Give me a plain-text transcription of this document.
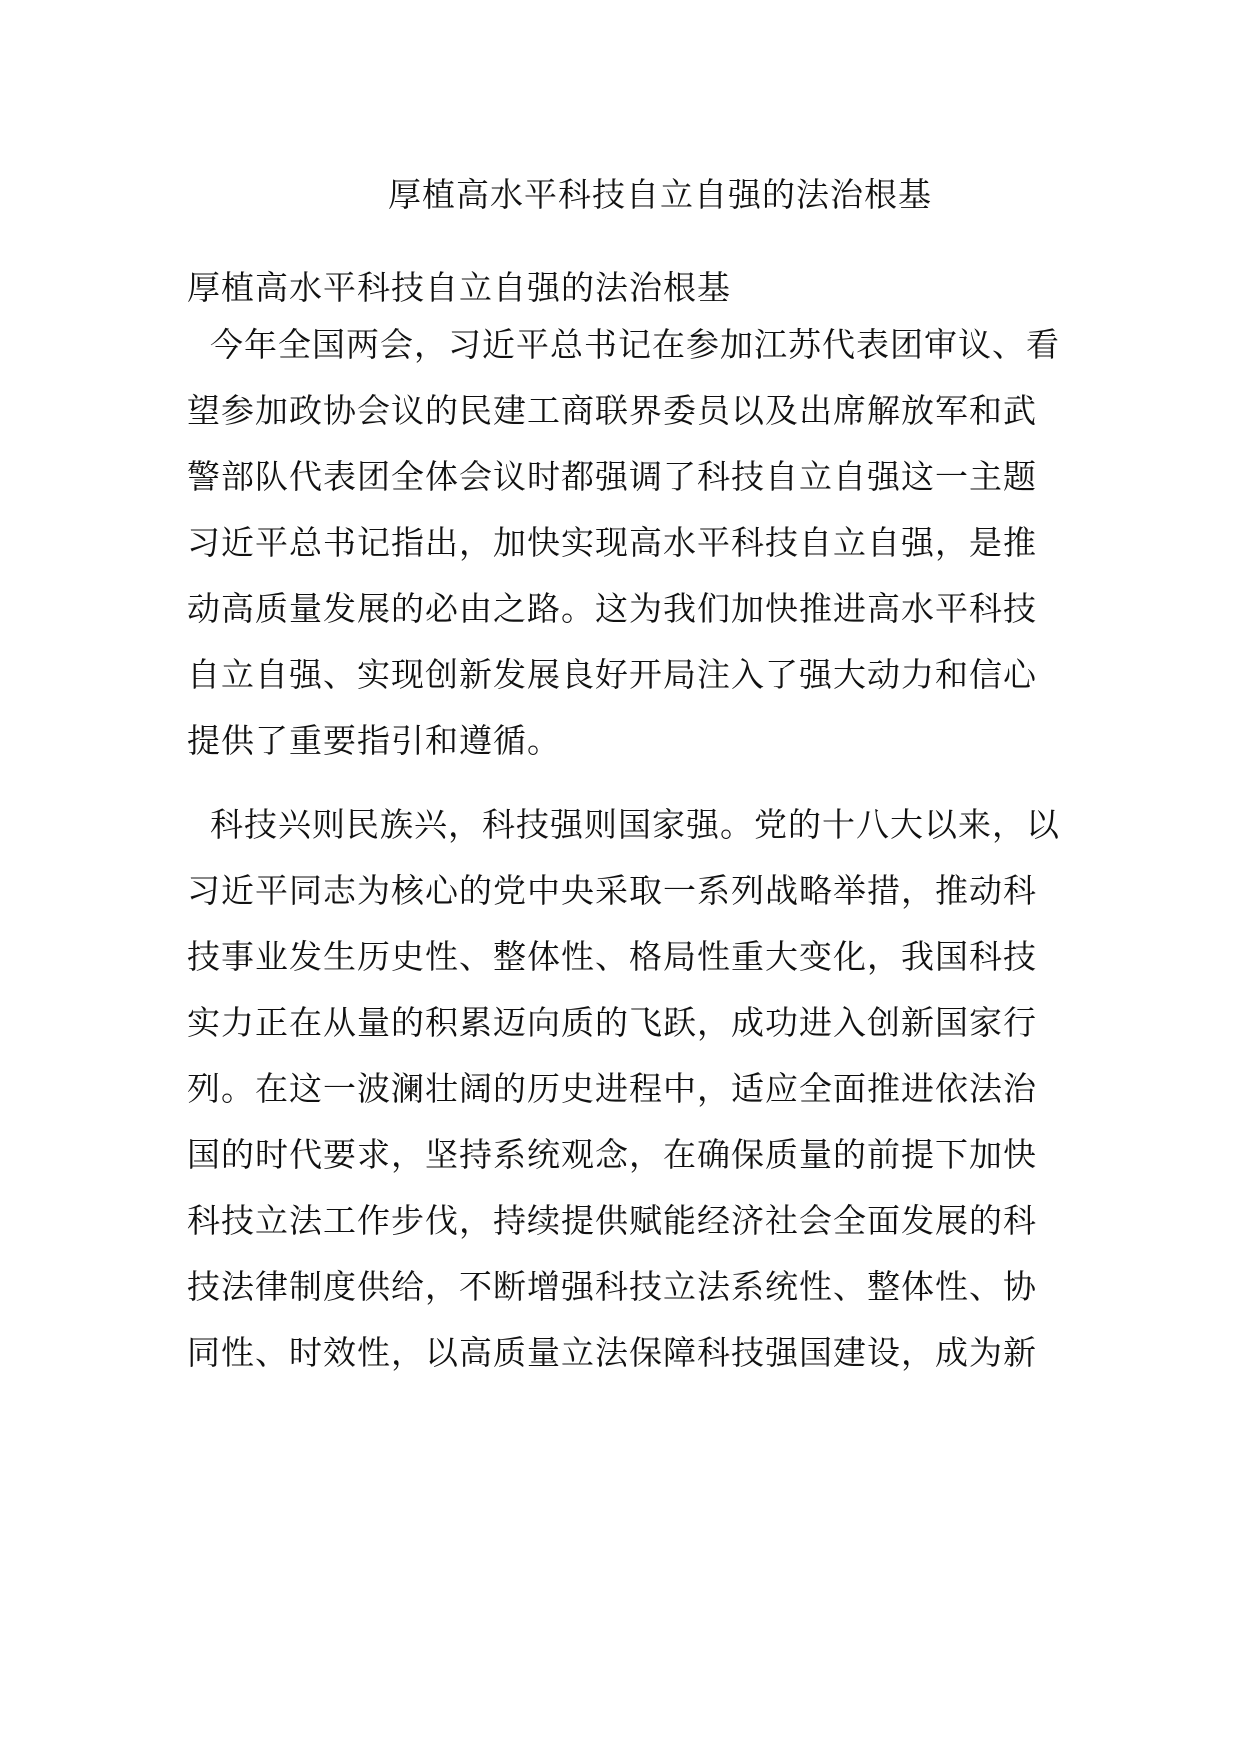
厚植高水平科技自立自强的法治根基
厚植高水平科技自立自强的法治根基
今年全国两会，习近平总书记在参加江苏代表团审议、看
望参加政协会议的民建工商联界委员以及出席解放军和武
警部队代表团全体会议时都强调了科技自立自强这一主题
习近平总书记指出，加快实现高水平科技自立自强，是推
动高质量发展的必由之路。这为我们加快推进高水平科技
自立自强、实现创新发展良好开局注入了强大动力和信心
提供了重要指引和遵循。
科技兴则民族兴，科技强则国家强。党的十八大以来，以
习近平同志为核心的党中央采取一系列战略举措，推动科
技事业发生历史性、整体性、格局性重大变化，我国科技
实力正在从量的积累迈向质的飞跃，成功进入创新国家行
列。在这一波澜壮阔的历史进程中，适应全面推进依法治
国的时代要求，坚持系统观念，在确保质量的前提下加快
科技立法工作步伐，持续提供赋能经济社会全面发展的科
技法律制度供给，不断增强科技立法系统性、整体性、协
同性、时效性，以高质量立法保障科技强国建设，成为新
